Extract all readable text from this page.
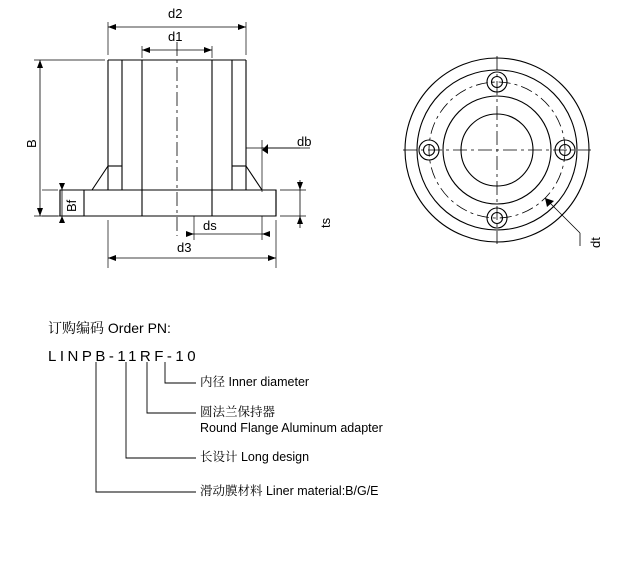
d2
d1
B
Bf
db
ds	ts
d3	dt
订购编码 Order PN:
LINPB-11RF-10
内径 Inner diameter
圆法兰保持器
Round Flange Aluminum adapter
长设计 Long design
滑动膜材料 Liner material:B/G/E
